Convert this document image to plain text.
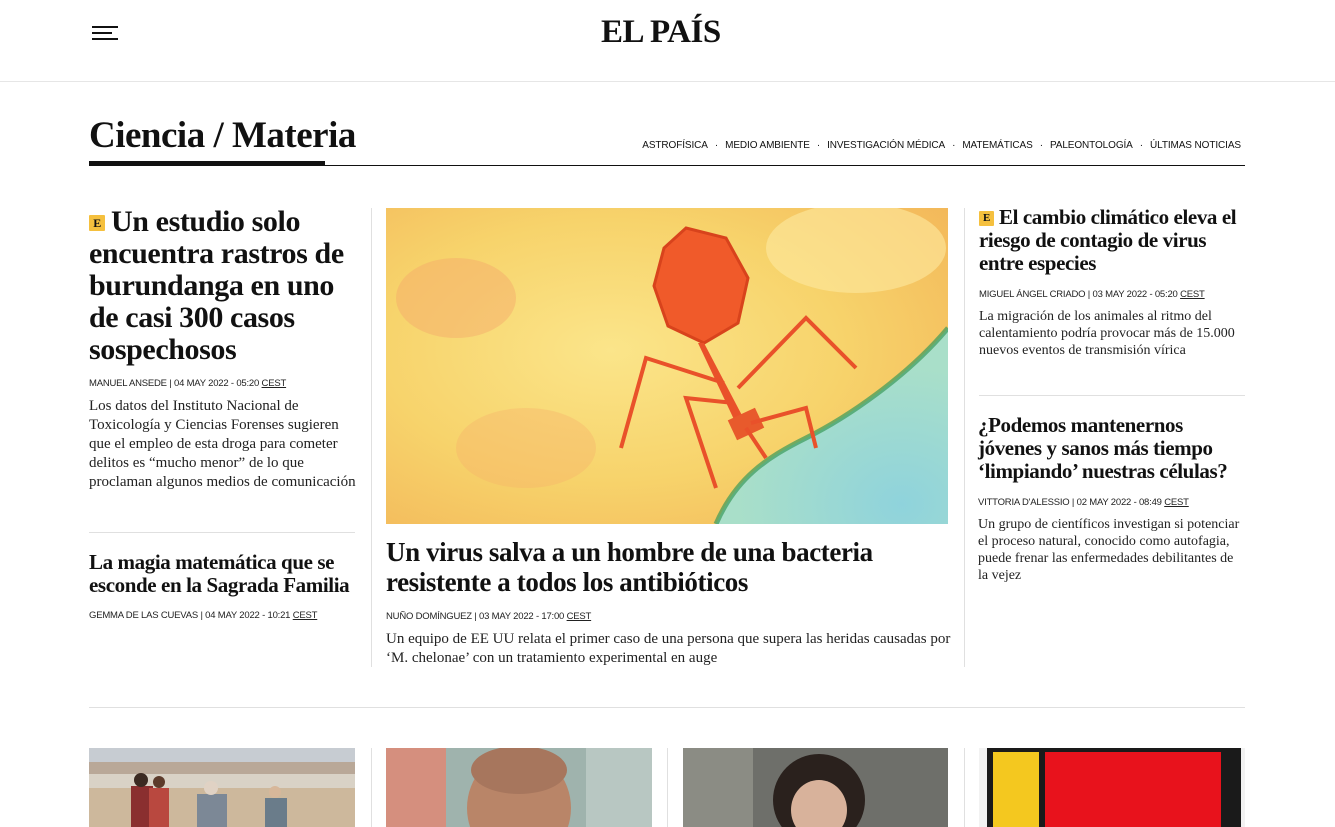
EL PAÍS
Ciencia / Materia	ASTROFÍSICA · MEDIO AMBIENTE · INVESTIGACIÓN MÉDICA · MATEMÁTICAS · PALEONTOLOGÍA · ÚLTIMAS NOTICIAS
E Un estudio solo encuentra rastros de burundanga en uno de casi 300 casos sospechosos
MANUEL ANSEDE | 04 MAY 2022 - 05:20 CEST

Los datos del Instituto Nacional de Toxicología y Ciencias Forenses sugieren que el empleo de esta droga para cometer delitos es “mucho menor” de lo que proclaman algunos medios de comunicación

La magia matemática que se esconde en la Sagrada Familia
GEMMA DE LAS CUEVAS | 04 MAY 2022 - 10:21 CEST
Un virus salva a un hombre de una bacteria resistente a todos los antibióticos
NUÑO DOMÍNGUEZ | 03 MAY 2022 - 17:00 CEST

Un equipo de EE UU relata el primer caso de una persona que supera las heridas causadas por ‘M. chelonae’ con un tratamiento experimental en auge

E El cambio climático eleva el riesgo de contagio de virus entre especies
MIGUEL ÁNGEL CRIADO | 03 MAY 2022 - 05:20 CEST

La migración de los animales al ritmo del calentamiento podría provocar más de 15.000 nuevos eventos de transmisión vírica

¿Podemos mantenernos jóvenes y sanos más tiempo ‘limpiando’ nuestras células?
VITTORIA D'ALESSIO | 02 MAY 2022 - 08:49 CEST

Un grupo de científicos investigan si potenciar el proceso natural, conocido como autofagia, puede frenar las enfermedades debilitantes de la vejez
